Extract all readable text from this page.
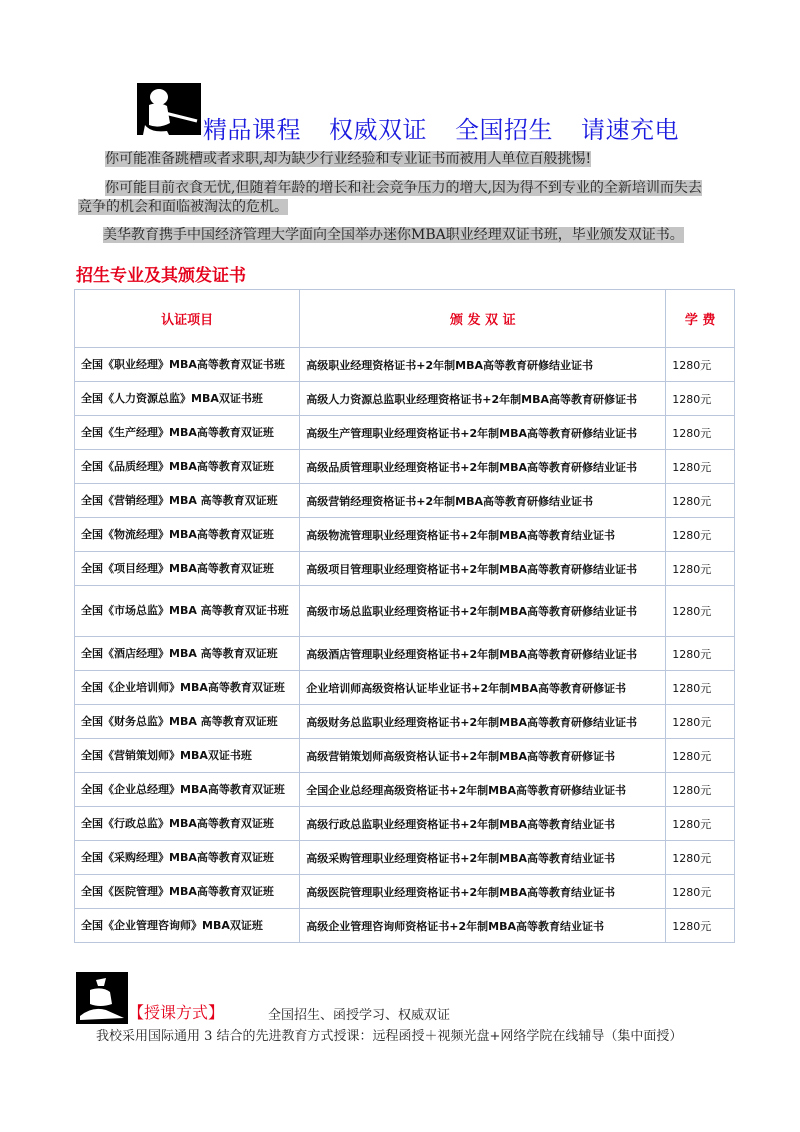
精品课程 权威双证 全国招生 请速充电
你可能准备跳槽或者求职,却为缺少行业经验和专业证书而被用人单位百般挑惕!
你可能目前衣食无忧,但随着年龄的增长和社会竞争压力的增大,因为得不到专业的全新培训而失去
竞争的机会和面临被淘汰的危机。
美华教育携手中国经济管理大学面向全国举办迷你MBA职业经理双证书班，毕业颁发双证书。
招生专业及其颁发证书
认证项目	颁 发 双 证	学 费
全国《职业经理》MBA高等教育双证书班	高级职业经理资格证书+2年制MBA高等教育研修结业证书	1280元
全国《人力资源总监》MBA双证书班	高级人力资源总监职业经理资格证书+2年制MBA高等教育研修证书	1280元
全国《生产经理》MBA高等教育双证班	高级生产管理职业经理资格证书+2年制MBA高等教育研修结业证书	1280元
全国《品质经理》MBA高等教育双证班	高级品质管理职业经理资格证书+2年制MBA高等教育研修结业证书	1280元
全国《营销经理》MBA 高等教育双证班	高级营销经理资格证书+2年制MBA高等教育研修结业证书	1280元
全国《物流经理》MBA高等教育双证班	高级物流管理职业经理资格证书+2年制MBA高等教育结业证书	1280元
全国《项目经理》MBA高等教育双证班	高级项目管理职业经理资格证书+2年制MBA高等教育研修结业证书	1280元
全国《市场总监》MBA 高等教育双证书班	高级市场总监职业经理资格证书+2年制MBA高等教育研修结业证书	1280元
全国《酒店经理》MBA 高等教育双证班	高级酒店管理职业经理资格证书+2年制MBA高等教育研修结业证书	1280元
全国《企业培训师》MBA高等教育双证班	企业培训师高级资格认证毕业证书+2年制MBA高等教育研修证书	1280元
全国《财务总监》MBA 高等教育双证班	高级财务总监职业经理资格证书+2年制MBA高等教育研修结业证书	1280元
全国《营销策划师》MBA双证书班	高级营销策划师高级资格认证书+2年制MBA高等教育研修证书	1280元
全国《企业总经理》MBA高等教育双证班	全国企业总经理高级资格证书+2年制MBA高等教育研修结业证书	1280元
全国《行政总监》MBA高等教育双证班	高级行政总监职业经理资格证书+2年制MBA高等教育结业证书	1280元
全国《采购经理》MBA高等教育双证班	高级采购管理职业经理资格证书+2年制MBA高等教育结业证书	1280元
全国《医院管理》MBA高等教育双证班	高级医院管理职业经理资格证书+2年制MBA高等教育结业证书	1280元
全国《企业管理咨询师》MBA双证班	高级企业管理咨询师资格证书+2年制MBA高等教育结业证书	1280元
【授课方式】	全国招生、函授学习、权威双证
我校采用国际通用 3 结合的先进教育方式授课：远程函授＋视频光盘+网络学院在线辅导（集中面授）
